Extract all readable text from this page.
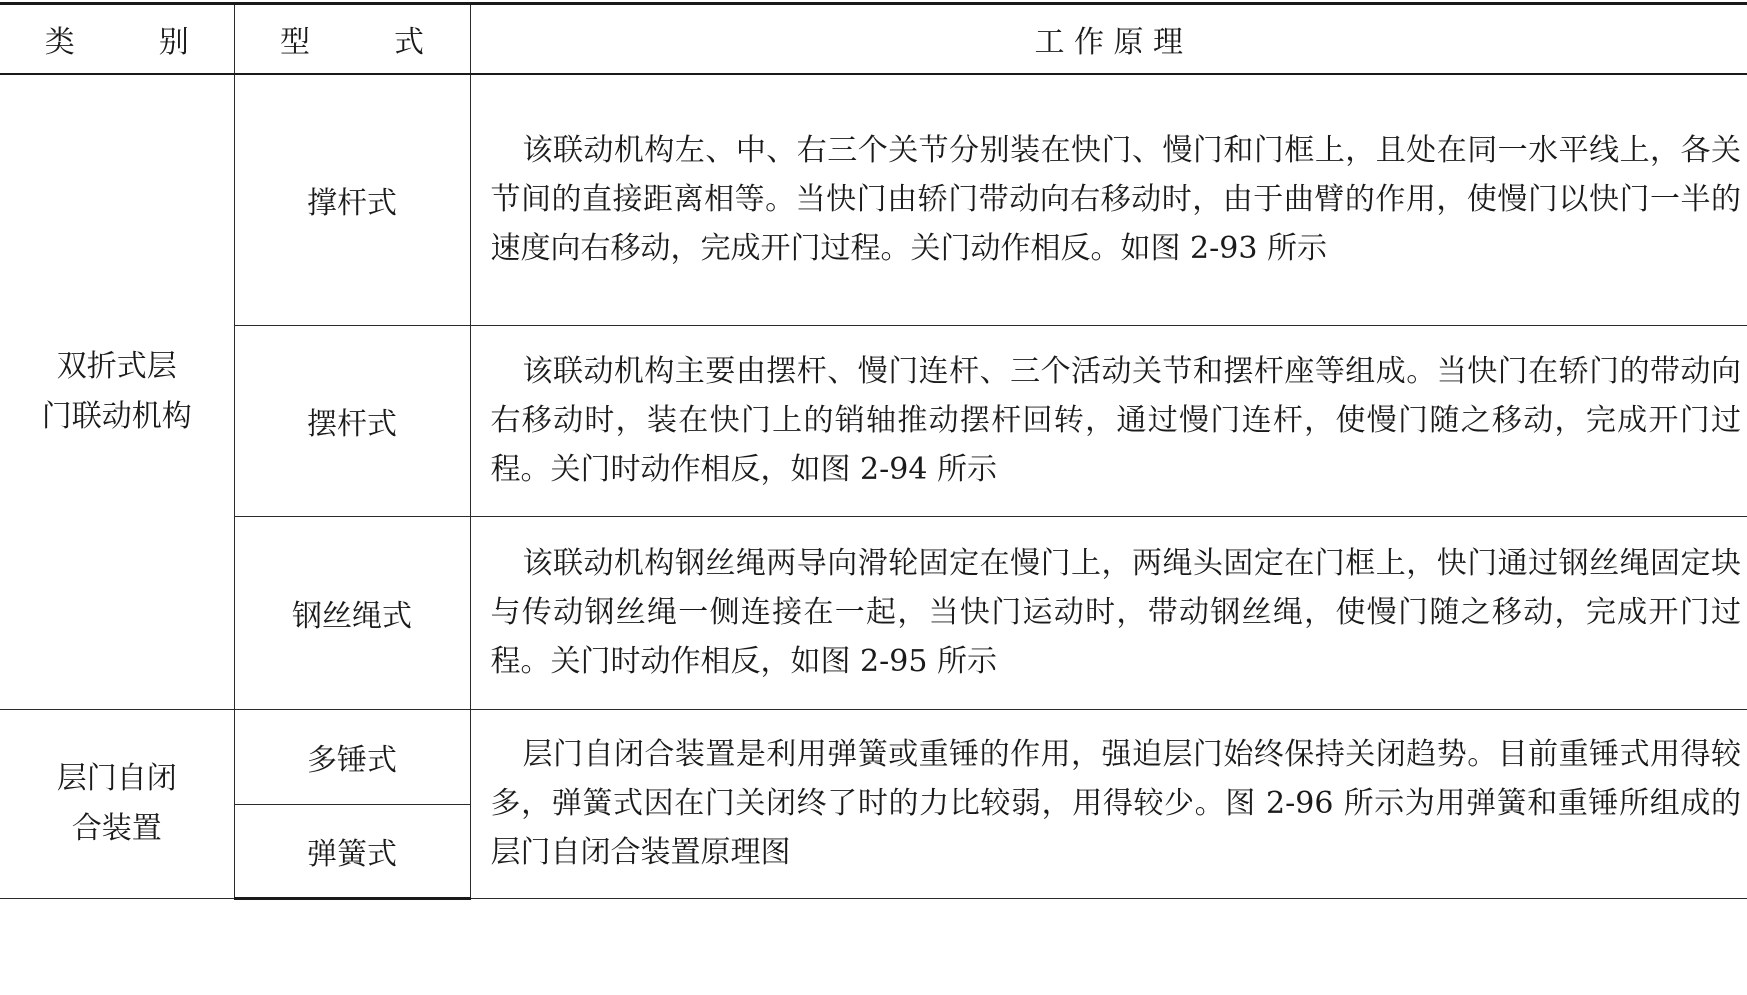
类　别	型　式	工 作 原 理

双折式层
门联动机构	撑杆式	该联动机构左、中、右三个关节分别装在快门、慢门和门框上，且处在同一水平线上，各关节间的直接距离相等。当快门由轿门带动向右移动时，由于曲臂的作用，使慢门以快门一半的速度向右移动，完成开门过程。关门动作相反。如图 2-93 所示

	摆杆式	该联动机构主要由摆杆、慢门连杆、三个活动关节和摆杆座等组成。当快门在轿门的带动向右移动时，装在快门上的销轴推动摆杆回转，通过慢门连杆，使慢门随之移动，完成开门过程。关门时动作相反，如图 2-94 所示

	钢丝绳式	该联动机构钢丝绳两导向滑轮固定在慢门上，两绳头固定在门框上，快门通过钢丝绳固定块与传动钢丝绳一侧连接在一起，当快门运动时，带动钢丝绳，使慢门随之移动，完成开门过程。关门时动作相反，如图 2-95 所示

层门自闭
合装置	多锤式	层门自闭合装置是利用弹簧或重锤的作用，强迫层门始终保持关闭趋势。目前重锤式用得较多，弹簧式因在门关闭终了时的力比较弱，用得较少。图 2-96 所示为用弹簧和重锤所组成的层门自闭合装置原理图

	弹簧式	
